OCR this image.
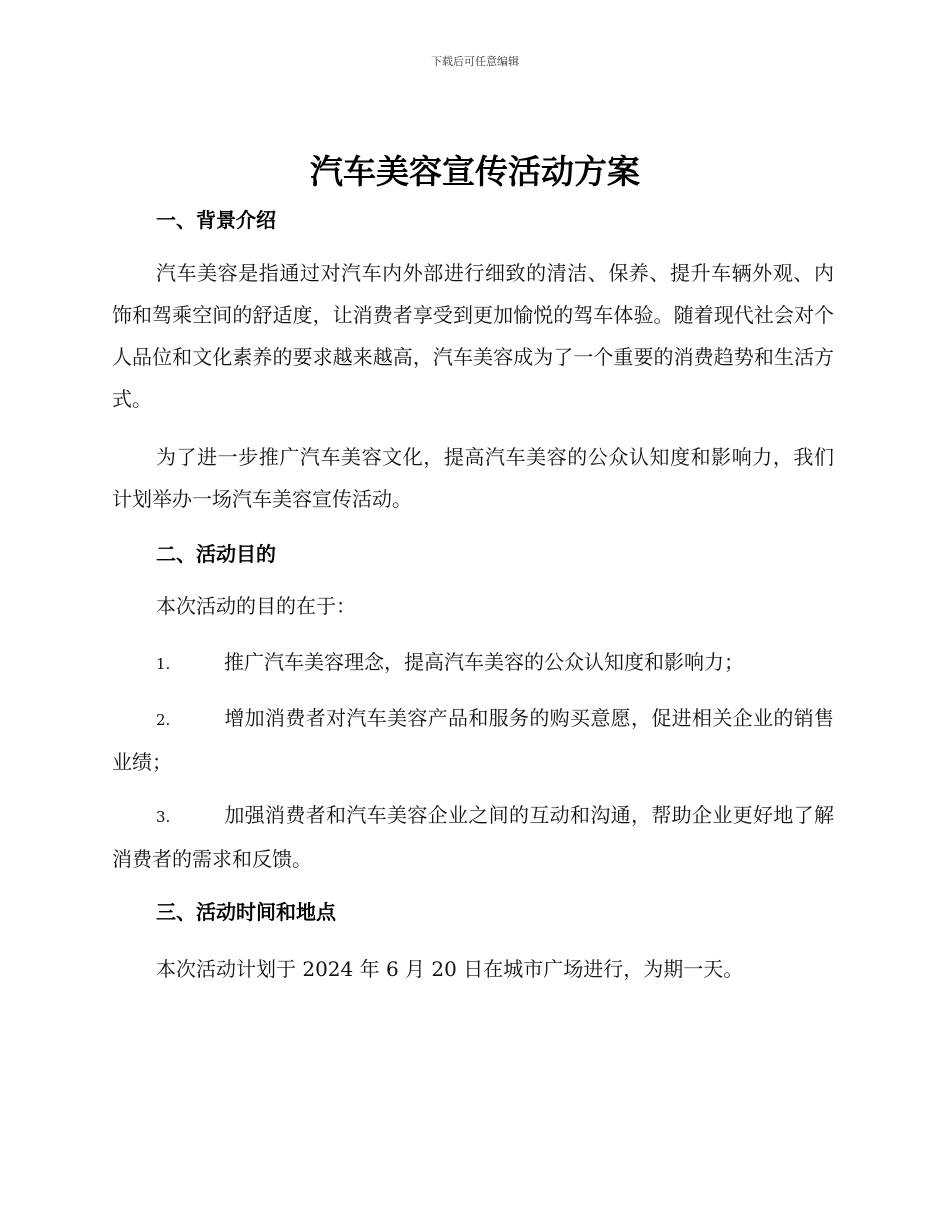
下载后可任意编辑
汽车美容宣传活动方案
一、背景介绍

汽车美容是指通过对汽车内外部进行细致的清洁、保养、提升车辆外观、内饰和驾乘空间的舒适度，让消费者享受到更加愉悦的驾车体验。随着现代社会对个人品位和文化素养的要求越来越高，汽车美容成为了一个重要的消费趋势和生活方式。

为了进一步推广汽车美容文化，提高汽车美容的公众认知度和影响力，我们计划举办一场汽车美容宣传活动。

二、活动目的

本次活动的目的在于：

1.	推广汽车美容理念，提高汽车美容的公众认知度和影响力；

2.	增加消费者对汽车美容产品和服务的购买意愿，促进相关企业的销售业绩；

3.	加强消费者和汽车美容企业之间的互动和沟通，帮助企业更好地了解消费者的需求和反馈。

三、活动时间和地点

本次活动计划于 2024 年 6 月 20 日在城市广场进行，为期一天。
